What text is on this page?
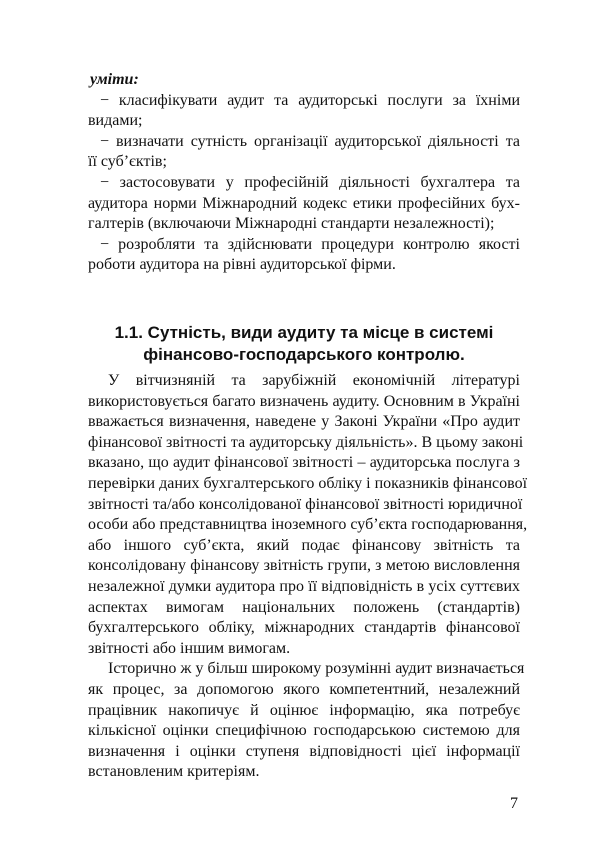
уміти:
− класифікувати аудит та аудиторські послуги за їхніми
видами;
− визначати сутність організації аудиторської діяльності та
її суб’єктів;
− застосовувати у професійній діяльності бухгалтера та
аудитора норми Міжнародний кодекс етики професійних бух-
галтерів (включаючи Міжнародні стандарти незалежності);
− розробляти та здійснювати процедури контролю якості
роботи аудитора на рівні аудиторської фірми.
1.1. Сутність, види аудиту та місце в системі
фінансово-господарського контролю.
У вітчизняній та зарубіжній економічній літературі
використовується багато визначень аудиту. Основним в Україні
вважається визначення, наведене у Законі України «Про аудит
фінансової звітності та аудиторську діяльність». В цьому законі
вказано, що аудит фінансової звітності – аудиторська послуга з
перевірки даних бухгалтерського обліку і показників фінансової
звітності та/або консолідованої фінансової звітності юридичної
особи або представництва іноземного суб’єкта господарювання,
або іншого суб’єкта, який подає фінансову звітність та
консолідовану фінансову звітність групи, з метою висловлення
незалежної думки аудитора про її відповідність в усіх суттєвих
аспектах вимогам національних положень (стандартів)
бухгалтерського обліку, міжнародних стандартів фінансової
звітності або іншим вимогам.
Історично ж у більш широкому розумінні аудит визначається
як процес, за допомогою якого компетентний, незалежний
працівник накопичує й оцінює інформацію, яка потребує
кількісної оцінки специфічною господарською системою для
визначення і оцінки ступеня відповідності цієї інформації
встановленим критеріям.
7
